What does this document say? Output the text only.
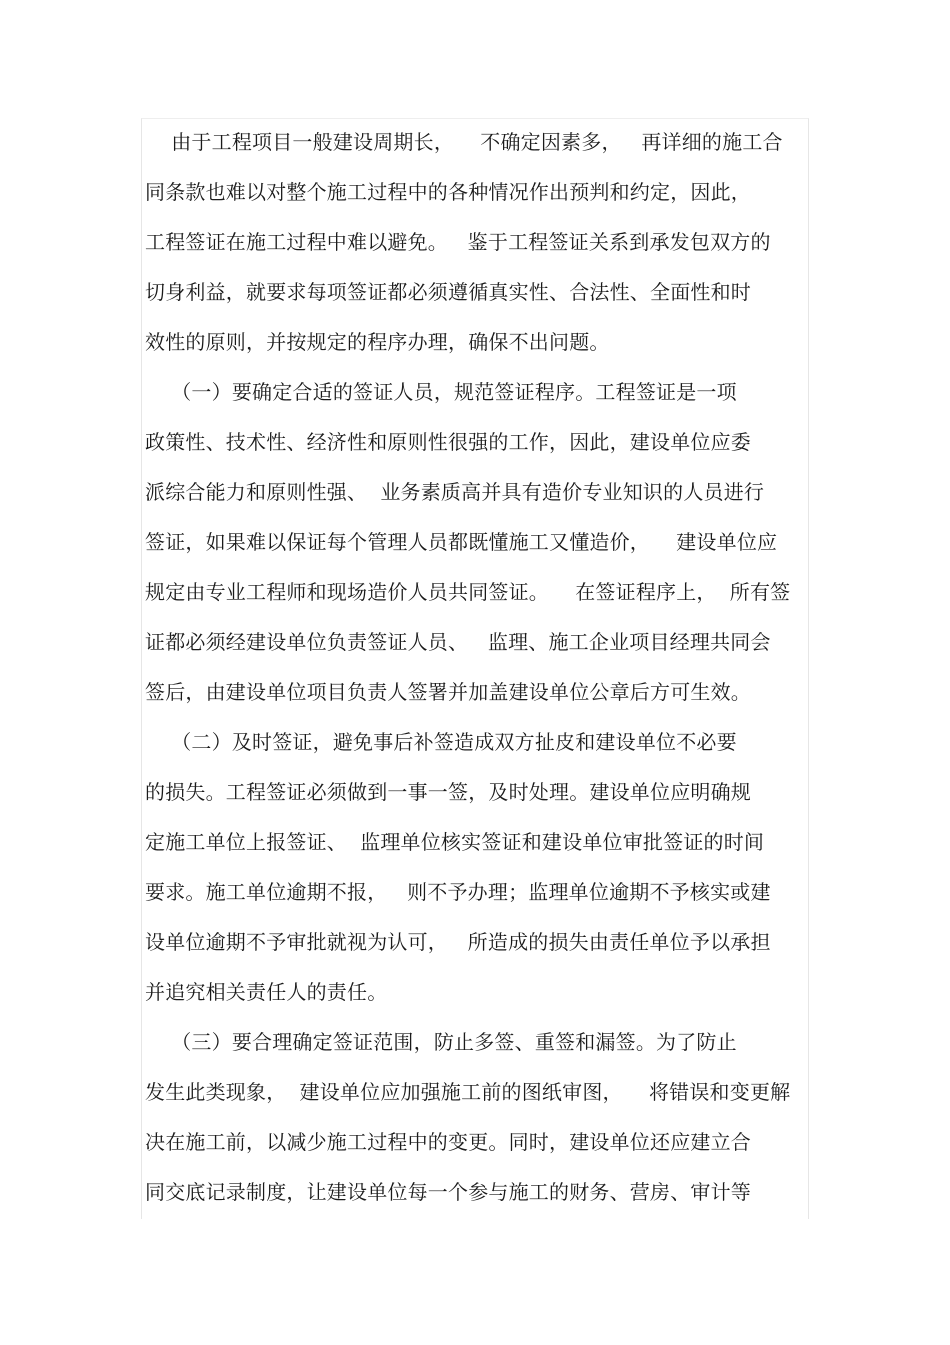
由于工程项目一般建设周期长，    不确定因素多，   再详细的施工合
同条款也难以对整个施工过程中的各种情况作出预判和约定，因此，
工程签证在施工过程中难以避免。   鉴于工程签证关系到承发包双方的
切身利益，就要求每项签证都必须遵循真实性、合法性、全面性和时
效性的原则，并按规定的程序办理，确保不出问题。
（一）要确定合适的签证人员，规范签证程序。工程签证是一项
政策性、技术性、经济性和原则性很强的工作，因此，建设单位应委
派综合能力和原则性强、  业务素质高并具有造价专业知识的人员进行
签证，如果难以保证每个管理人员都既懂施工又懂造价，    建设单位应
规定由专业工程师和现场造价人员共同签证。    在签证程序上，  所有签
证都必须经建设单位负责签证人员、   监理、施工企业项目经理共同会
签后，由建设单位项目负责人签署并加盖建设单位公章后方可生效。
（二）及时签证，避免事后补签造成双方扯皮和建设单位不必要
的损失。工程签证必须做到一事一签，及时处理。建设单位应明确规
定施工单位上报签证、  监理单位核实签证和建设单位审批签证的时间
要求。施工单位逾期不报，   则不予办理；监理单位逾期不予核实或建
设单位逾期不予审批就视为认可，   所造成的损失由责任单位予以承担
并追究相关责任人的责任。
（三）要合理确定签证范围，防止多签、重签和漏签。为了防止
发生此类现象，  建设单位应加强施工前的图纸审图，    将错误和变更解
决在施工前，以减少施工过程中的变更。同时，建设单位还应建立合
同交底记录制度，让建设单位每一个参与施工的财务、营房、审计等
